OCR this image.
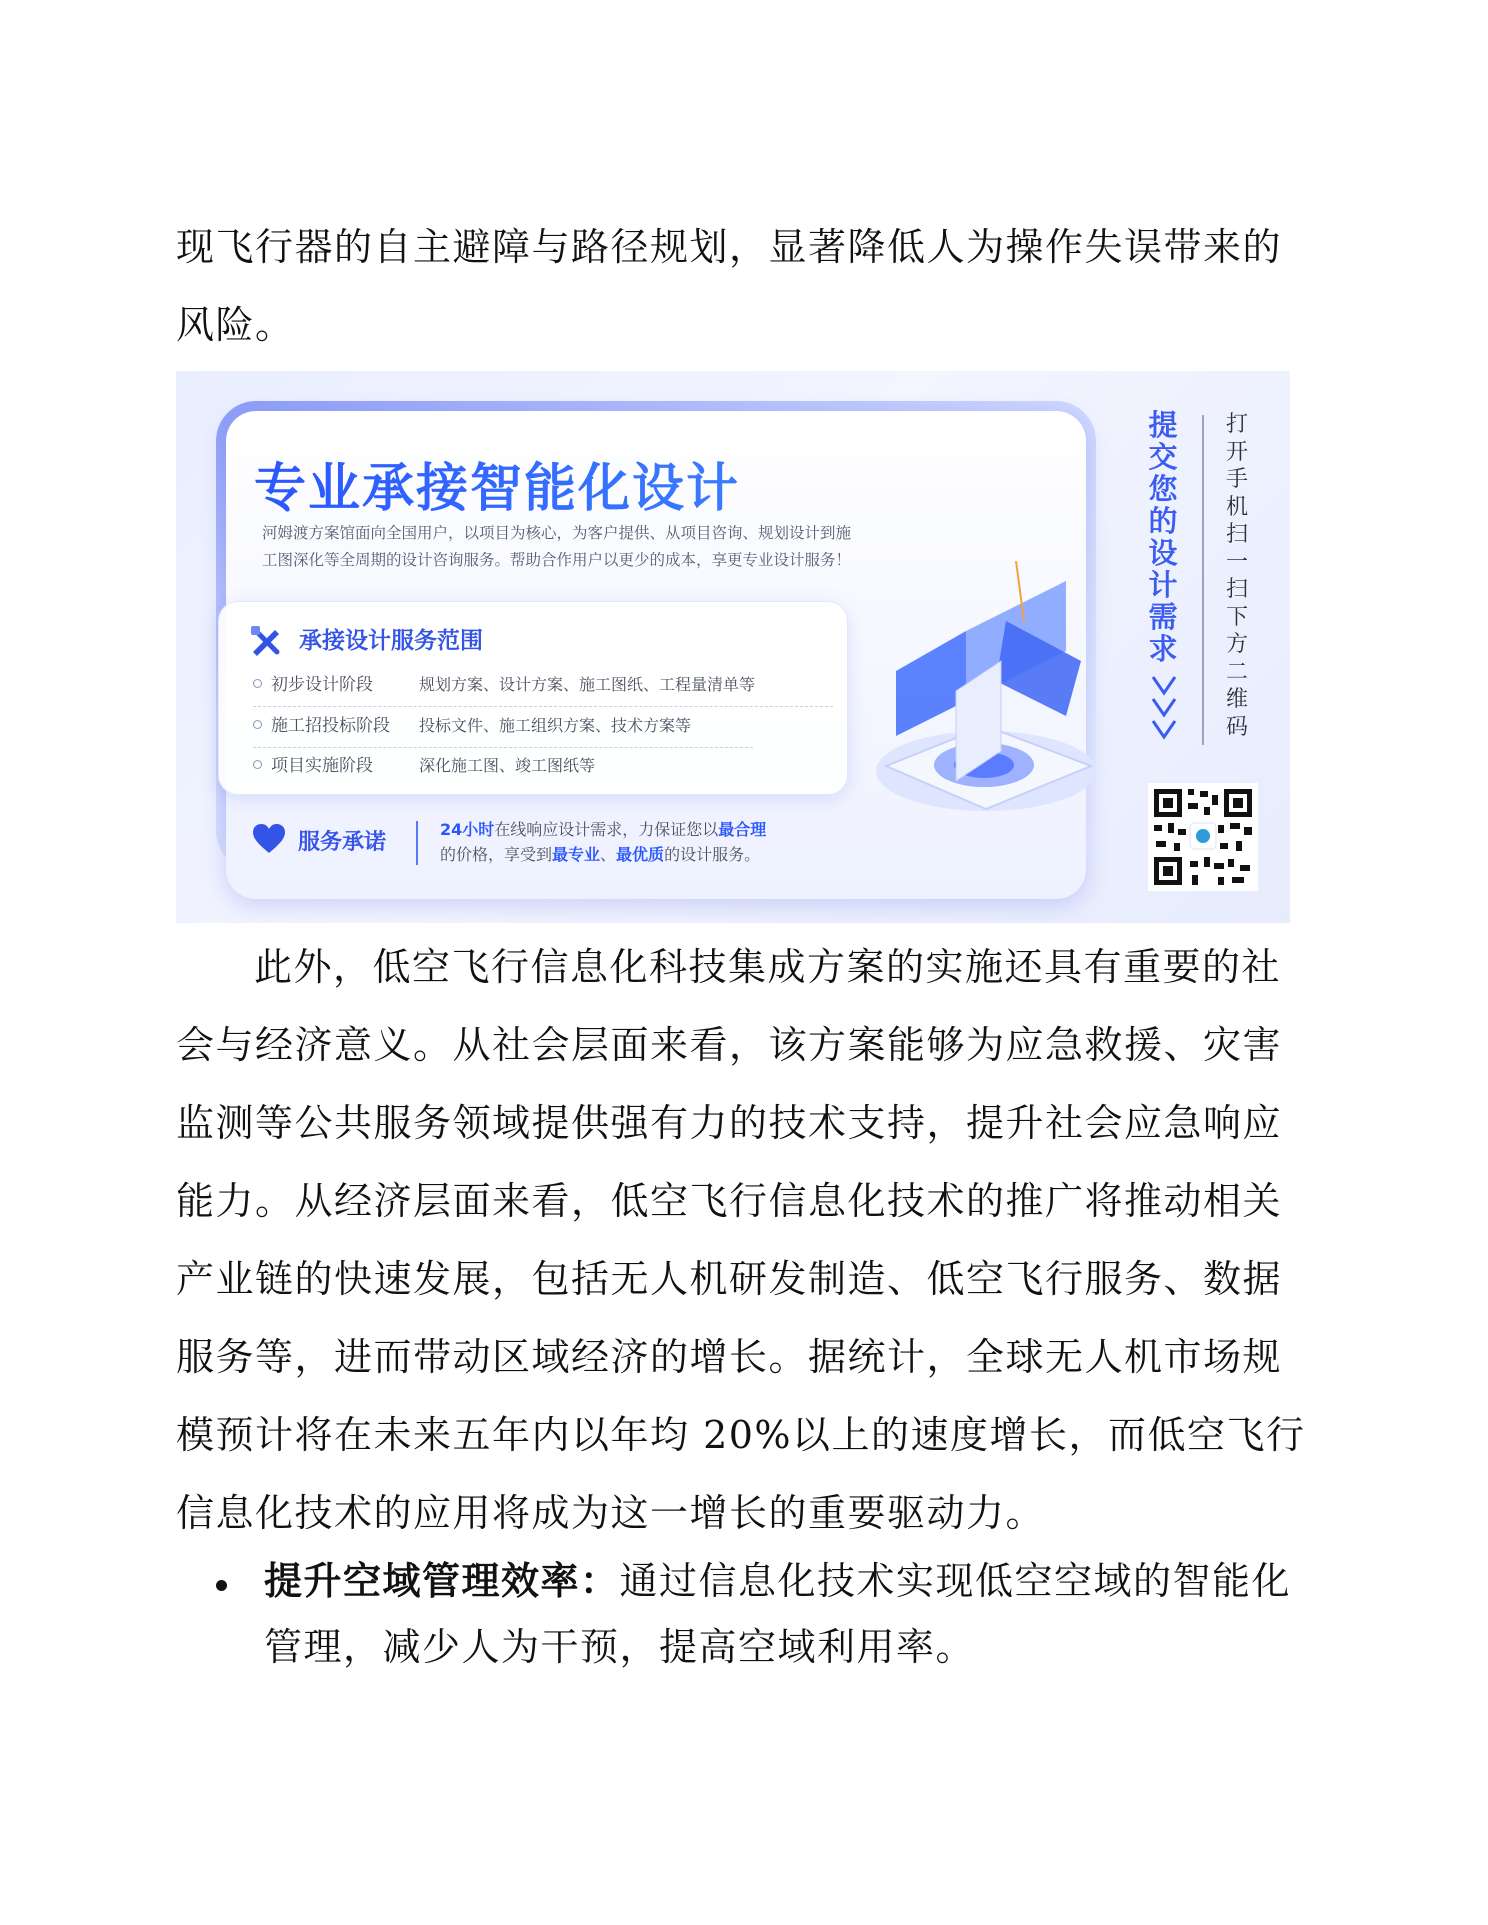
现飞行器的自主避障与路径规划，显著降低人为操作失误带来的风险。

专业承接智能化设计
河姆渡方案馆面向全国用户，以项目为核心，为客户提供、从项目咨询、规划设计到施
工图深化等全周期的设计咨询服务。帮助合作用户以更少的成本，享更专业设计服务！
承接设计服务范围
初步设计阶段	规划方案、设计方案、施工图纸、工程量清单等
施工招投标阶段 投标文件、施工组织方案、技术方案等
项目实施阶段	深化施工图、竣工图纸等
服务承诺
24小时在线响应设计需求，力保证您以最合理
的价格，享受到最专业、最优质的设计服务。
提交您的设计需求
打开手机 扫一扫下方二维码

此外，低空飞行信息化科技集成方案的实施还具有重要的社会与经济意义。从社会层面来看，该方案能够为应急救援、灾害监测等公共服务领域提供强有力的技术支持，提升社会应急响应能力。从经济层面来看，低空飞行信息化技术的推广将推动相关产业链的快速发展，包括无人机研发制造、低空飞行服务、数据服务等，进而带动区域经济的增长。据统计，全球无人机市场规模预计将在未来五年内以年均 20%以上的速度增长，而低空飞行信息化技术的应用将成为这一增长的重要驱动力。

提升空域管理效率：通过信息化技术实现低空空域的智能化管理，减少人为干预，提高空域利用率。
